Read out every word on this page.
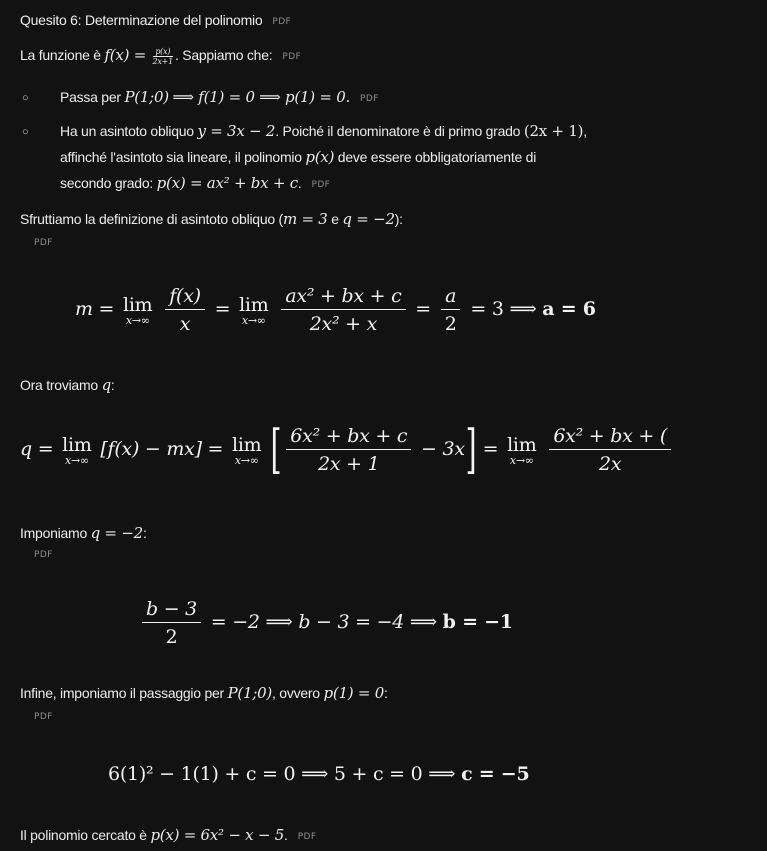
Quesito 6: Determinazione del polinomio PDF
La funzione è $f(x) = \frac{p(x)}{2x+1}$ . Sappiamo che: PDF
○ Passa per P(1;0) ⟹ f(1) = 0 ⟹ p(1) = 0. PDF
○ Ha un asintoto obliquo y = 3x − 2. Poiché il denominatore è di primo grado (2x + 1),
affinché l'asintoto sia lineare, il polinomio p(x) deve essere obbligatoriamente di
secondo grado: p(x) = ax² + bx + c. PDF
Sfruttiamo la definizione di asintoto obliquo (m = 3 e q = −2):
PDF
m = lim
x→∞
$\frac{f(x)}{x} = \lim$
x→∞
$\frac{\text{ax² + bx + c}}{\text{2x² + x}} = \frac{a}{2} = 3$ ⟹ a = 6
Ora troviamo q:
q = lim
x→∞ [f(x) − mx] = lim
x→∞ [ $\frac{\text{6x² + bx + c}}{2x + 1} - 3x] = \lim$
x→∞
$\frac{\text{6x² + bx + (}}{2x}$
Imponiamo q = −2:
PDF
$\frac{b - 3}{2} = -2$ ⟹ b − 3 = −4 ⟹ b = −1
Infine, imponiamo il passaggio per P(1;0), ovvero p(1) = 0:
PDF
6(1)² − 1(1) + c = 0 ⟹ 5 + c = 0 ⟹ c = −5
Il polinomio cercato è p(x) = 6x² − x − 5. PDF
